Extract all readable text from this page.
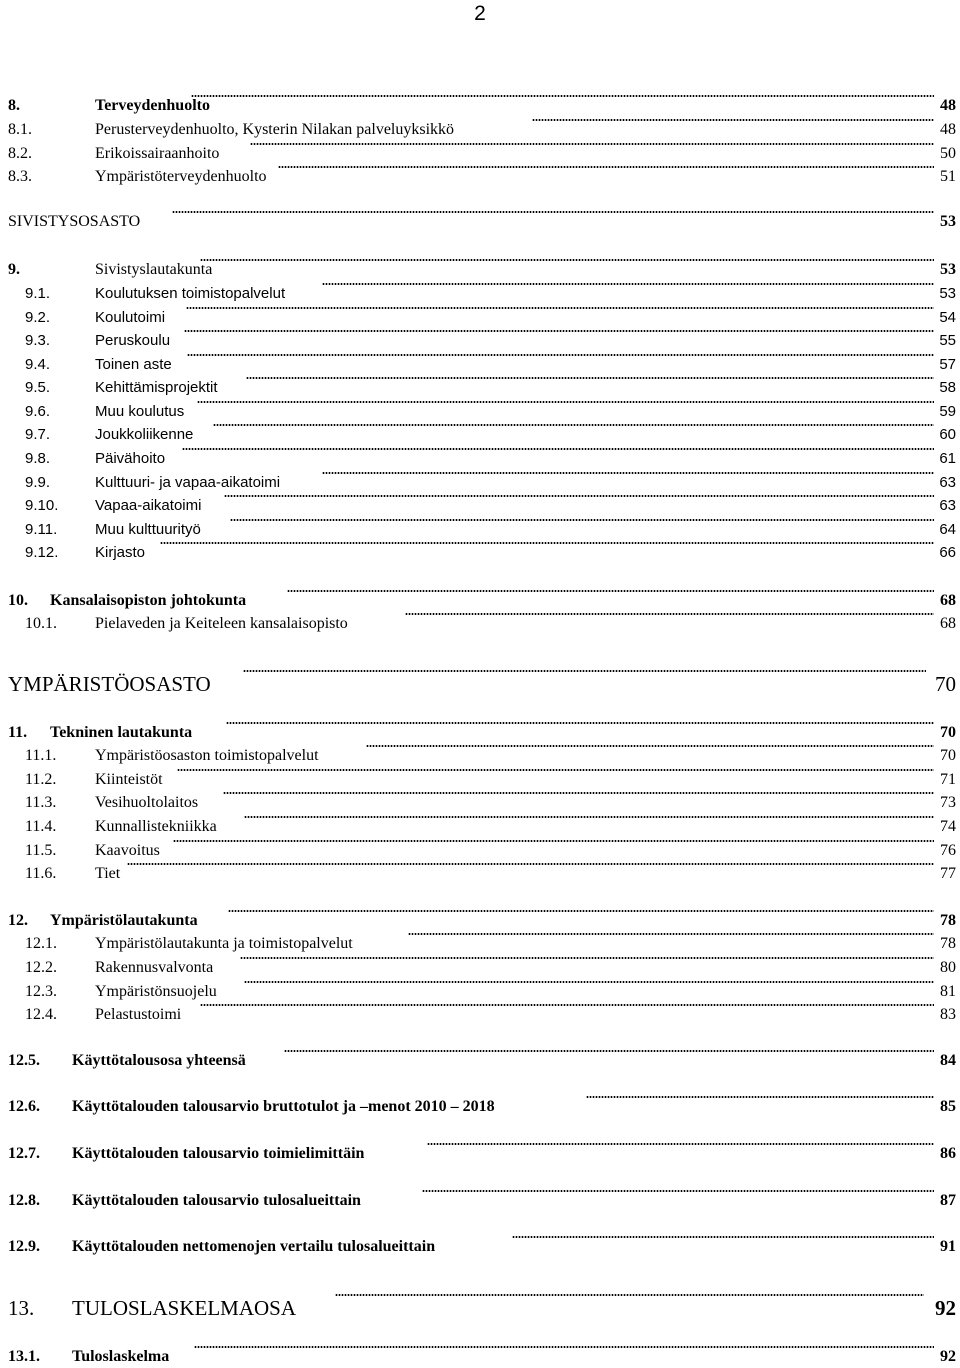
2
8.	Terveydenhuolto	48
8.1.	Perusterveydenhuolto, Kysterin Nilakan palveluyksikkö	48
8.2.	Erikoissairaanhoito	50
8.3.	Ympäristöterveydenhuolto	51
SIVISTYSOSASTO	53
9.	Sivistyslautakunta	53
9.1.	Koulutuksen toimistopalvelut	53
9.2.	Koulutoimi	54
9.3.	Peruskoulu	55
9.4.	Toinen aste	57
9.5.	Kehittämisprojektit	58
9.6.	Muu koulutus	59
9.7.	Joukkoliikenne	60
9.8.	Päivähoito	61
9.9.	Kulttuuri- ja vapaa-aikatoimi	63
9.10. Vapaa-aikatoimi	63
9.11.	Muu kulttuurityö	64
9.12. Kirjasto	66
10. Kansalaisopiston johtokunta	68
10.1. Pielaveden ja Keiteleen kansalaisopisto	68
YMPÄRISTÖOSASTO	70
11. Tekninen lautakunta	70
11.1. Ympäristöosaston toimistopalvelut	70
11.2. Kiinteistöt	71
11.3. Vesihuoltolaitos	73
11.4. Kunnallistekniikka	74
11.5. Kaavoitus	76
11.6. Tiet	77
12. Ympäristölautakunta	78
12.1. Ympäristölautakunta ja toimistopalvelut	78
12.2. Rakennusvalvonta	80
12.3. Ympäristönsuojelu	81
12.4. Pelastustoimi	83
12.5. Käyttötalousosa yhteensä	84
12.6. Käyttötalouden talousarvio bruttotulot ja –menot 2010 – 2018	85
12.7. Käyttötalouden talousarvio toimielimittäin	86
12.8. Käyttötalouden talousarvio tulosalueittain	87
12.9. Käyttötalouden nettomenojen vertailu tulosalueittain	91
13. TULOSLASKELMAOSA	92
13.1. Tuloslaskelma	92
